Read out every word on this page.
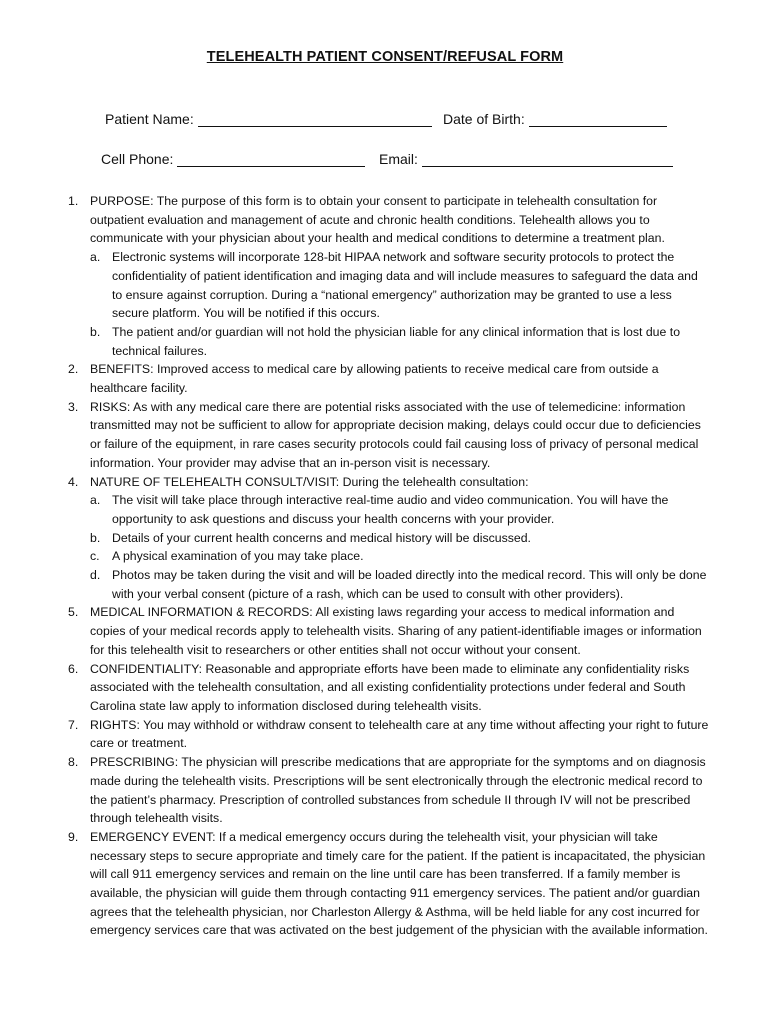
TELEHEALTH PATIENT CONSENT/REFUSAL FORM
Patient Name:	Date of Birth:
Cell Phone:	Email:
1. PURPOSE: The purpose of this form is to obtain your consent to participate in telehealth consultation for outpatient evaluation and management of acute and chronic health conditions. Telehealth allows you to communicate with your physician about your health and medical conditions to determine a treatment plan.
a. Electronic systems will incorporate 128-bit HIPAA network and software security protocols to protect the confidentiality of patient identification and imaging data and will include measures to safeguard the data and to ensure against corruption. During a “national emergency” authorization may be granted to use a less secure platform. You will be notified if this occurs.
b. The patient and/or guardian will not hold the physician liable for any clinical information that is lost due to technical failures.
2. BENEFITS: Improved access to medical care by allowing patients to receive medical care from outside a healthcare facility.
3. RISKS: As with any medical care there are potential risks associated with the use of telemedicine: information transmitted may not be sufficient to allow for appropriate decision making, delays could occur due to deficiencies or failure of the equipment, in rare cases security protocols could fail causing loss of privacy of personal medical information. Your provider may advise that an in-person visit is necessary.
4. NATURE OF TELEHEALTH CONSULT/VISIT: During the telehealth consultation:
a. The visit will take place through interactive real-time audio and video communication. You will have the opportunity to ask questions and discuss your health concerns with your provider.
b. Details of your current health concerns and medical history will be discussed.
c. A physical examination of you may take place.
d. Photos may be taken during the visit and will be loaded directly into the medical record. This will only be done with your verbal consent (picture of a rash, which can be used to consult with other providers).
5. MEDICAL INFORMATION & RECORDS: All existing laws regarding your access to medical information and copies of your medical records apply to telehealth visits. Sharing of any patient-identifiable images or information for this telehealth visit to researchers or other entities shall not occur without your consent.
6. CONFIDENTIALITY: Reasonable and appropriate efforts have been made to eliminate any confidentiality risks associated with the telehealth consultation, and all existing confidentiality protections under federal and South Carolina state law apply to information disclosed during telehealth visits.
7. RIGHTS: You may withhold or withdraw consent to telehealth care at any time without affecting your right to future care or treatment.
8. PRESCRIBING: The physician will prescribe medications that are appropriate for the symptoms and on diagnosis made during the telehealth visits. Prescriptions will be sent electronically through the electronic medical record to the patient’s pharmacy. Prescription of controlled substances from schedule II through IV will not be prescribed through telehealth visits.
9. EMERGENCY EVENT: If a medical emergency occurs during the telehealth visit, your physician will take necessary steps to secure appropriate and timely care for the patient. If the patient is incapacitated, the physician will call 911 emergency services and remain on the line until care has been transferred. If a family member is available, the physician will guide them through contacting 911 emergency services. The patient and/or guardian agrees that the telehealth physician, nor Charleston Allergy & Asthma, will be held liable for any cost incurred for emergency services care that was activated on the best judgement of the physician with the available information.
